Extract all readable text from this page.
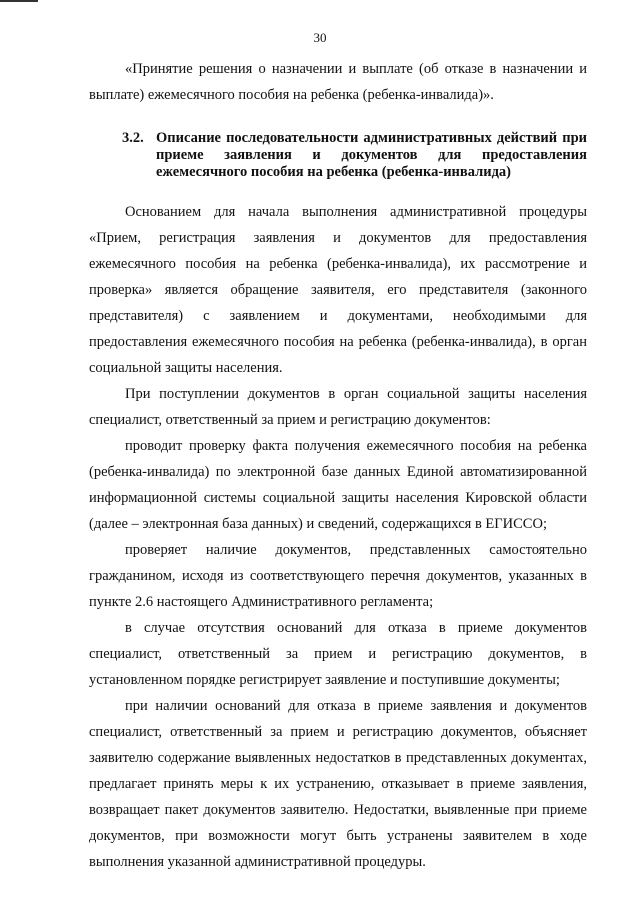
30

«Принятие решения о назначении и выплате (об отказе в назначении и выплате) ежемесячного пособия на ребенка (ребенка-инвалида)».

3.2. Описание последовательности административных действий при приеме заявления и документов для предоставления ежемесячного пособия на ребенка (ребенка-инвалида)

Основанием для начала выполнения административной процедуры «Прием, регистрация заявления и документов для предоставления ежемесячного пособия на ребенка (ребенка-инвалида), их рассмотрение и проверка» является обращение заявителя, его представителя (законного представителя) с заявлением и документами, необходимыми для предоставления ежемесячного пособия на ребенка (ребенка-инвалида), в орган социальной защиты населения.

При поступлении документов в орган социальной защиты населения специалист, ответственный за прием и регистрацию документов:

проводит проверку факта получения ежемесячного пособия на ребенка (ребенка-инвалида) по электронной базе данных Единой автоматизированной информационной системы социальной защиты населения Кировской области (далее – электронная база данных) и сведений, содержащихся в ЕГИССО;

проверяет наличие документов, представленных самостоятельно гражданином, исходя из соответствующего перечня документов, указанных в пункте 2.6 настоящего Административного регламента;

в случае отсутствия оснований для отказа в приеме документов специалист, ответственный за прием и регистрацию документов, в установленном порядке регистрирует заявление и поступившие документы;

при наличии оснований для отказа в приеме заявления и документов специалист, ответственный за прием и регистрацию документов, объясняет заявителю содержание выявленных недостатков в представленных документах, предлагает принять меры к их устранению, отказывает в приеме заявления, возвращает пакет документов заявителю. Недостатки, выявленные при приеме документов, при возможности могут быть устранены заявителем в ходе выполнения указанной административной процедуры.
